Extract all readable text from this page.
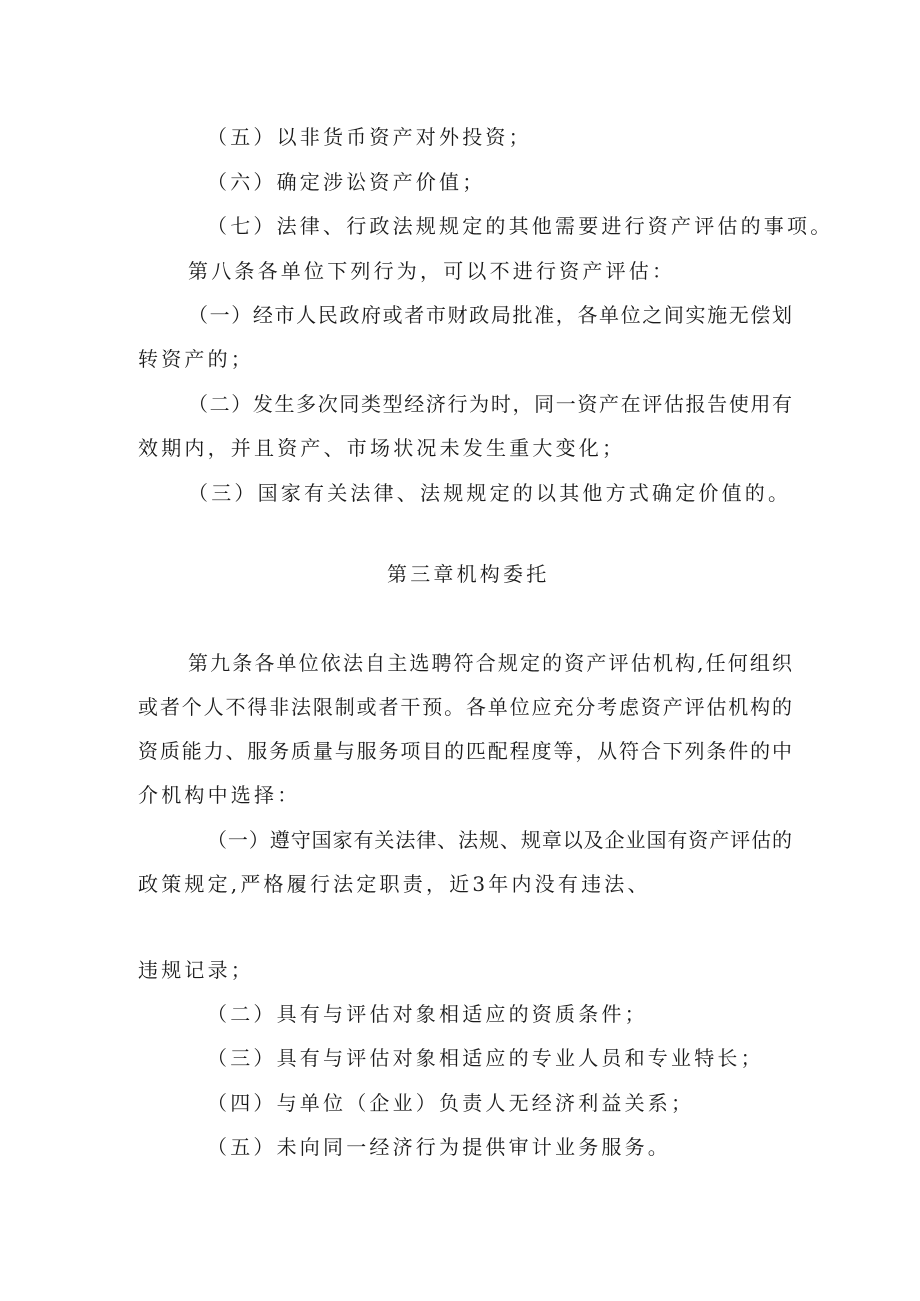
（五）以非货币资产对外投资；
（六）确定涉讼资产价值；
（七）法律、行政法规规定的其他需要进行资产评估的事项。
第八条各单位下列行为，可以不进行资产评估：
（一）经市人民政府或者市财政局批准，各单位之间实施无偿划
转资产的；
（二）发生多次同类型经济行为时，同一资产在评估报告使用有
效期内，并且资产、市场状况未发生重大变化；
（三）国家有关法律、法规规定的以其他方式确定价值的。
第三章机构委托
第九条各单位依法自主选聘符合规定的资产评估机构,任何组织
或者个人不得非法限制或者干预。各单位应充分考虑资产评估机构的
资质能力、服务质量与服务项目的匹配程度等，从符合下列条件的中
介机构中选择：
（一）遵守国家有关法律、法规、规章以及企业国有资产评估的
政策规定,严格履行法定职责，近3年内没有违法、
违规记录；
（二）具有与评估对象相适应的资质条件；
（三）具有与评估对象相适应的专业人员和专业特长；
（四）与单位（企业）负责人无经济利益关系；
（五）未向同一经济行为提供审计业务服务。
